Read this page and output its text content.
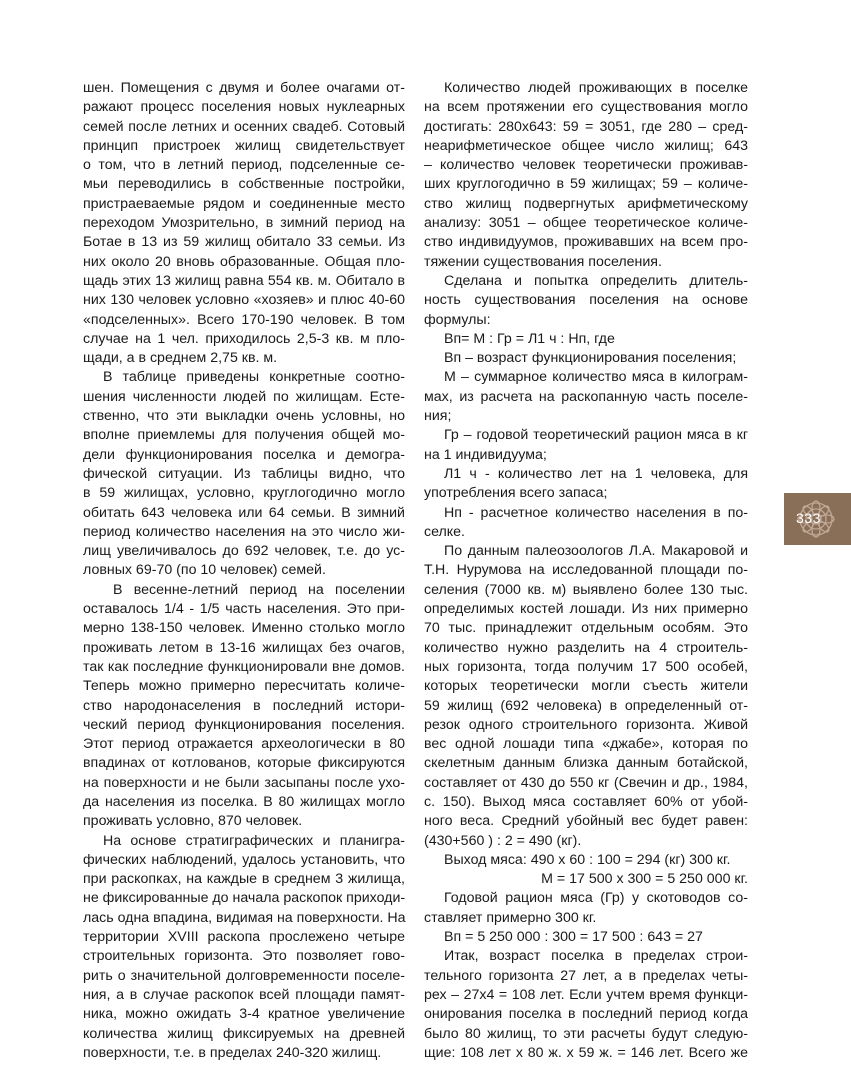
шен. Помещения с двумя и более очагами от-
ражают процесс поселения новых нуклеарных
семей после летних и осенних свадеб. Сотовый
принцип пристроек жилищ свидетельствует
о том, что в летний период, подселенные се-
мьи переводились в собственные постройки,
пристраеваемые рядом и соединенные место
переходом Умозрительно, в зимний период на
Ботае в 13 из 59 жилищ обитало 33 семьи. Из
них около 20 вновь образованные. Общая пло-
щадь этих 13 жилищ равна 554 кв. м. Обитало в
них 130 человек условно «хозяев» и плюс 40-60
«подселенных». Всего 170-190 человек. В том
случае на 1 чел. приходилось 2,5-3 кв. м пло-
щади, а в среднем 2,75 кв. м.
В таблице приведены конкретные соотно-
шения численности людей по жилищам. Есте-
ственно, что эти выкладки очень условны, но
вполне приемлемы для получения общей мо-
дели функционирования поселка и демогра-
фической ситуации. Из таблицы видно, что
в 59 жилищах, условно, круглогодично могло
обитать 643 человека или 64 семьи. В зимний
период количество населения на это число жи-
лищ увеличивалось до 692 человек, т.е. до ус-
ловных 69-70 (по 10 человек) семей.
В весенне-летний период на поселении
оставалось 1/4 - 1/5 часть населения. Это при-
мерно 138-150 человек. Именно столько могло
проживать летом в 13-16 жилищах без очагов,
так как последние функционировали вне домов.
Теперь можно примерно пересчитать количе-
ство народонаселения в последний истори-
ческий период функционирования поселения.
Этот период отражается археологически в 80
впадинах от котлованов, которые фиксируются
на поверхности и не были засыпаны после ухо-
да населения из поселка. В 80 жилищах могло
проживать условно, 870 человек.
На основе стратиграфических и планигра-
фических наблюдений, удалось установить, что
при раскопках, на каждые в среднем 3 жилища,
не фиксированные до начала раскопок приходи-
лась одна впадина, видимая на поверхности. На
территории XVIII раскопа прослежено четыре
строительных горизонта. Это позволяет гово-
рить о значительной долговременности поселе-
ния, а в случае раскопок всей площади памят-
ника, можно ожидать 3-4 кратное увеличение
количества жилищ фиксируемых на древней
поверхности, т.е. в пределах 240-320 жилищ.
Количество людей проживающих в поселке
на всем протяжении его существования могло
достигать: 280х643: 59 = 3051, где 280 – сред-
неарифметическое общее число жилищ; 643
– количество человек теоретически проживав-
ших круглогодично в 59 жилищах; 59 – количе-
ство жилищ подвергнутых арифметическому
анализу: 3051 – общее теоретическое количе-
ство индивидуумов, проживавших на всем про-
тяжении существования поселения.
Сделана и попытка определить длитель-
ность существования поселения на основе
формулы:
Вп= М : Гр = Л1 ч : Нп, где
Вп – возраст функционирования поселения;
М – суммарное количество мяса в килограм-
мах, из расчета на раскопанную часть поселе-
ния;
Гр – годовой теоретический рацион мяса в кг
на 1 индивидуума;
Л1 ч - количество лет на 1 человека, для
употребления всего запаса;
Нп - расчетное количество населения в по-
селке.
По данным палеозоологов Л.А. Макаровой и
Т.Н. Нурумова на исследованной площади по-
селения (7000 кв. м) выявлено более 130 тыс.
определимых костей лошади. Из них примерно
70 тыс. принадлежит отдельным особям. Это
количество нужно разделить на 4 строитель-
ных горизонта, тогда получим 17 500 особей,
которых теоретически могли съесть жители
59 жилищ (692 человека) в определенный от-
резок одного строительного горизонта. Живой
вес одной лошади типа «джабе», которая по
скелетным данным близка данным ботайской,
составляет от 430 до 550 кг (Свечин и др., 1984,
с. 150). Выход мяса составляет 60% от убой-
ного веса. Средний убойный вес будет равен:
(430+560 ) : 2 = 490 (кг).
Выход мяса: 490 х 60 : 100 = 294 (кг) 300 кг.
М = 17 500 х 300 = 5 250 000 кг.
Годовой рацион мяса (Гр) у скотоводов со-
ставляет примерно 300 кг.
Вп = 5 250 000 : 300 = 17 500 : 643 = 27
Итак, возраст поселка в пределах строи-
тельного горизонта 27 лет, а в пределах четы-
рех – 27х4 = 108 лет. Если учтем время функци-
онирования поселка в последний период когда
было 80 жилищ, то эти расчеты будут следую-
щие: 108 лет х 80 ж. х 59 ж. = 146 лет. Всего же
333
